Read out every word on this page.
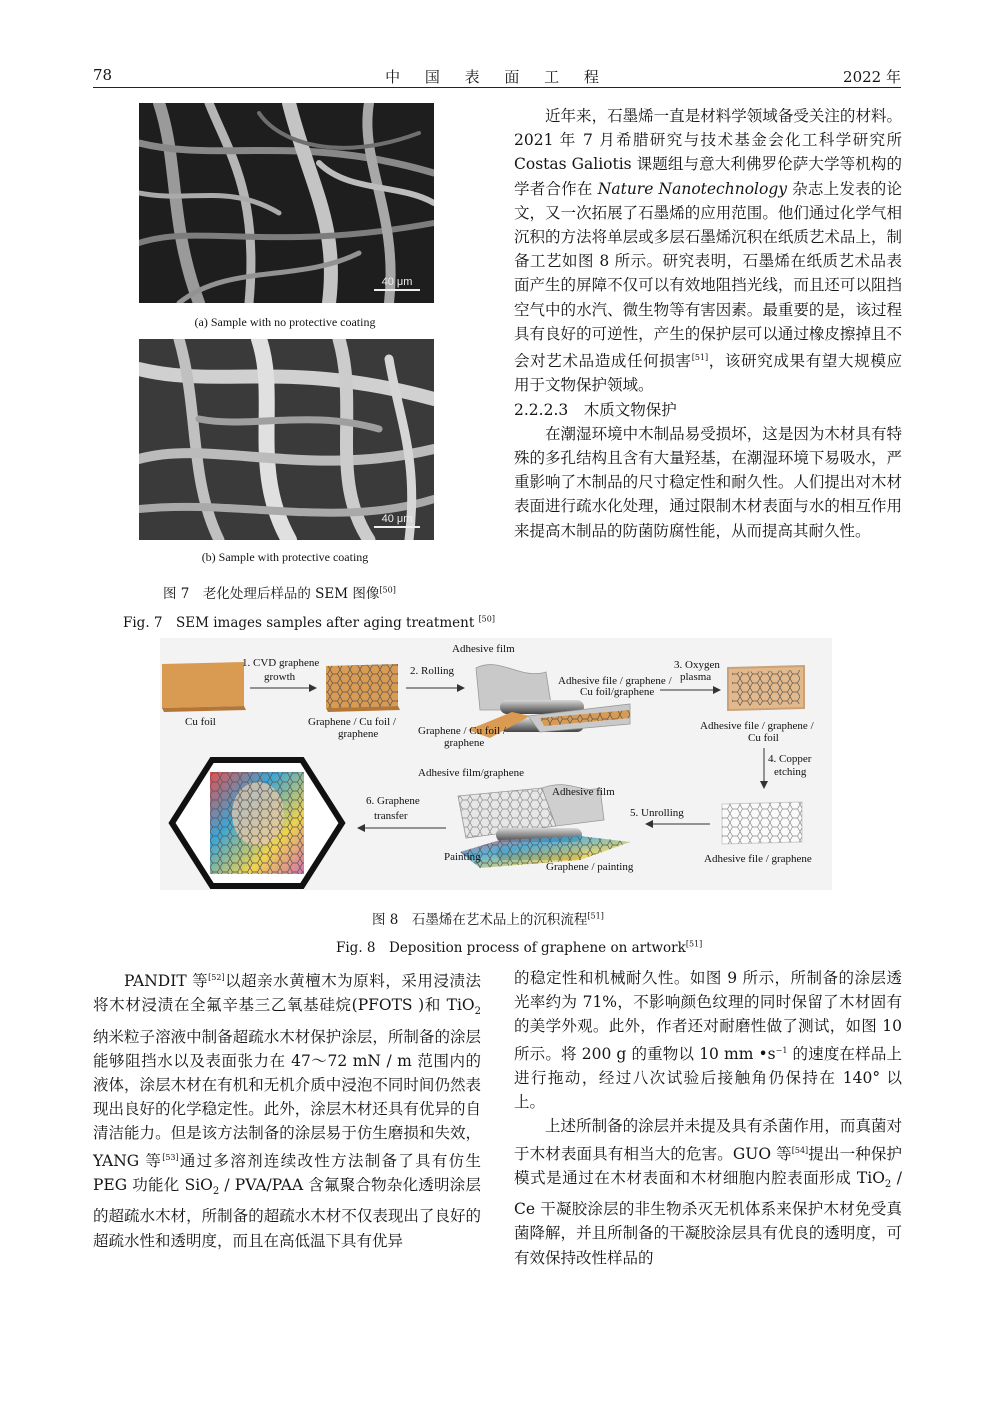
78	中 国 表 面 工 程	2022 年
40 μm
(a) Sample with no protective coating
40 μm
(b) Sample with protective coating
图 7　老化处理后样品的 SEM 图像[50]
Fig. 7　SEM images samples after aging treatment [50]

近年来，石墨烯一直是材料学领域备受关注的材料。2021 年 7 月希腊研究与技术基金会化工科学研究所 Costas Galiotis 课题组与意大利佛罗伦萨大学等机构的学者合作在 Nature Nanotechnology 杂志上发表的论文，又一次拓展了石墨烯的应用范围。他们通过化学气相沉积的方法将单层或多层石墨烯沉积在纸质艺术品上，制备工艺如图 8 所示。研究表明，石墨烯在纸质艺术品表面产生的屏障不仅可以有效地阻挡光线，而且还可以阻挡空气中的水汽、微生物等有害因素。最重要的是，该过程具有良好的可逆性，产生的保护层可以通过橡皮擦掉且不会对艺术品造成任何损害[51]，该研究成果有望大规模应用于文物保护领域。

2.2.2.3　木质文物保护

在潮湿环境中木制品易受损坏，这是因为木材具有特殊的多孔结构且含有大量羟基，在潮湿环境下易吸水，严重影响了木制品的尺寸稳定性和耐久性。人们提出对木材表面进行疏水化处理，通过限制木材表面与水的相互作用来提高木制品的防菌防腐性能，从而提高其耐久性。

Cu foil
1. CVD graphene
growth
Graphene / Cu foil /
graphene
2. Rolling
Adhesive film
Adhesive file / graphene /
Cu foil/graphene
Graphene / Cu foil /
graphene
3. Oxygen
plasma
Adhesive file / graphene /
Cu foil
4. Copper
etching
Adhesive file / graphene
5. Unrolling
Adhesive film/graphene
Adhesive film
Painting
Graphene / painting
6. Graphene
transfer
图 8　石墨烯在艺术品上的沉积流程[51]
Fig. 8　Deposition process of graphene on artwork[51]

PANDIT 等[52]以超亲水黄檀木为原料，采用浸渍法将木材浸渍在全氟辛基三乙氧基硅烷(PFOTS )和 TiO$_2$ 纳米粒子溶液中制备超疏水木材保护涂层，所制备的涂层能够阻挡水以及表面张力在 47～72 mN / m 范围内的液体，涂层木材在有机和无机介质中浸泡不同时间仍然表现出良好的化学稳定性。此外，涂层木材还具有优异的自清洁能力。但是该方法制备的涂层易于仿生磨损和失效，YANG 等[53]通过多溶剂连续改性方法制备了具有仿生 PEG 功能化 SiO$_2$ / PVA/PAA 含氟聚合物杂化透明涂层的超疏水木材，所制备的超疏水木材不仅表现出了良好的超疏水性和透明度，而且在高低温下具有优异

的稳定性和机械耐久性。如图 9 所示，所制备的涂层透光率约为 71%，不影响颜色纹理的同时保留了木材固有的美学外观。此外，作者还对耐磨性做了测试，如图 10 所示。将 200 g 的重物以 10 mm $•s^{-1}$ 的速度在样品上进行拖动，经过八次试验后接触角仍保持在 140° 以上。

上述所制备的涂层并未提及具有杀菌作用，而真菌对于木材表面具有相当大的危害。GUO 等[54]提出一种保护模式是通过在木材表面和木材细胞内腔表面形成 TiO$_2$ / Ce 干凝胶涂层的非生物杀灭无机体系来保护木材免受真菌降解，并且所制备的干凝胶涂层具有优良的透明度，可有效保持改性样品的
